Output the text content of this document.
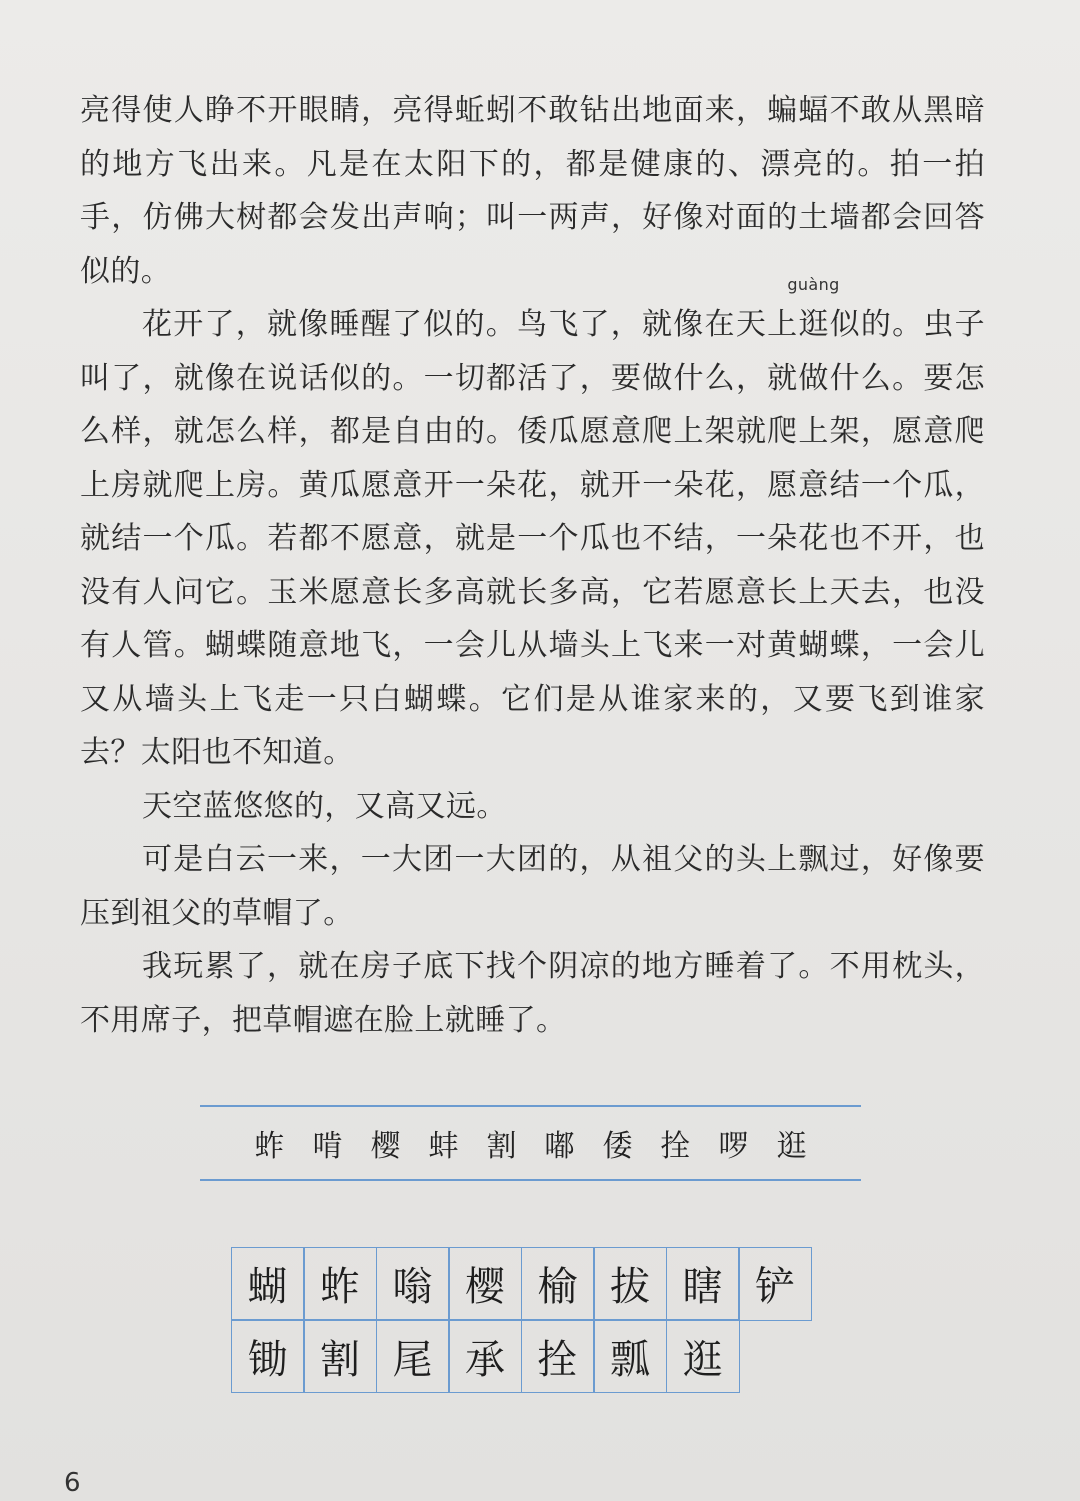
亮得使人睁不开眼睛，亮得蚯蚓不敢钻出地面来，蝙蝠不敢从黑暗的地方飞出来。凡是在太阳下的，都是健康的、漂亮的。拍一拍手，仿佛大树都会发出声响；叫一两声，好像对面的土墙都会回答似的。

花开了，就像睡醒了似的。鸟飞了，就像在天上
guàng
逛似的。虫子叫了，就像在说话似的。一切都活了，要做什么，就做什么。要怎么样，就怎么样，都是自由的。倭瓜愿意爬上架就爬上架，愿意爬上房就爬上房。黄瓜愿意开一朵花，就开一朵花，愿意结一个瓜，就结一个瓜。若都不愿意，就是一个瓜也不结，一朵花也不开，也没有人问它。玉米愿意长多高就长多高，它若愿意长上天去，也没有人管。蝴蝶随意地飞，一会儿从墙头上飞来一对黄蝴蝶，一会儿又从墙头上飞走一只白蝴蝶。它们是从谁家来的，又要飞到谁家去？太阳也不知道。

天空蓝悠悠的，又高又远。

可是白云一来，一大团一大团的，从祖父的头上飘过，好像要压到祖父的草帽了。

我玩累了，就在房子底下找个阴凉的地方睡着了。不用枕头，不用席子，把草帽遮在脸上就睡了。

蚱 啃 樱 蚌 割 嘟 倭 拴 啰 逛
蝴 蚱 嗡 樱 榆 拔 瞎 铲
锄 割 尾 承 拴 瓢 逛
6
